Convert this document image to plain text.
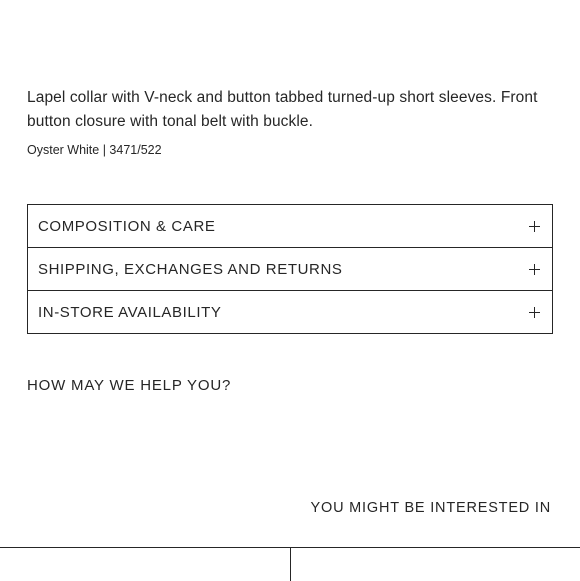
Lapel collar with V-neck and button tabbed turned-up short sleeves. Front button closure with tonal belt with buckle.

Oyster White | 3471/522
COMPOSITION & CARE
SHIPPING, EXCHANGES AND RETURNS
IN-STORE AVAILABILITY
HOW MAY WE HELP YOU?
YOU MIGHT BE INTERESTED IN
